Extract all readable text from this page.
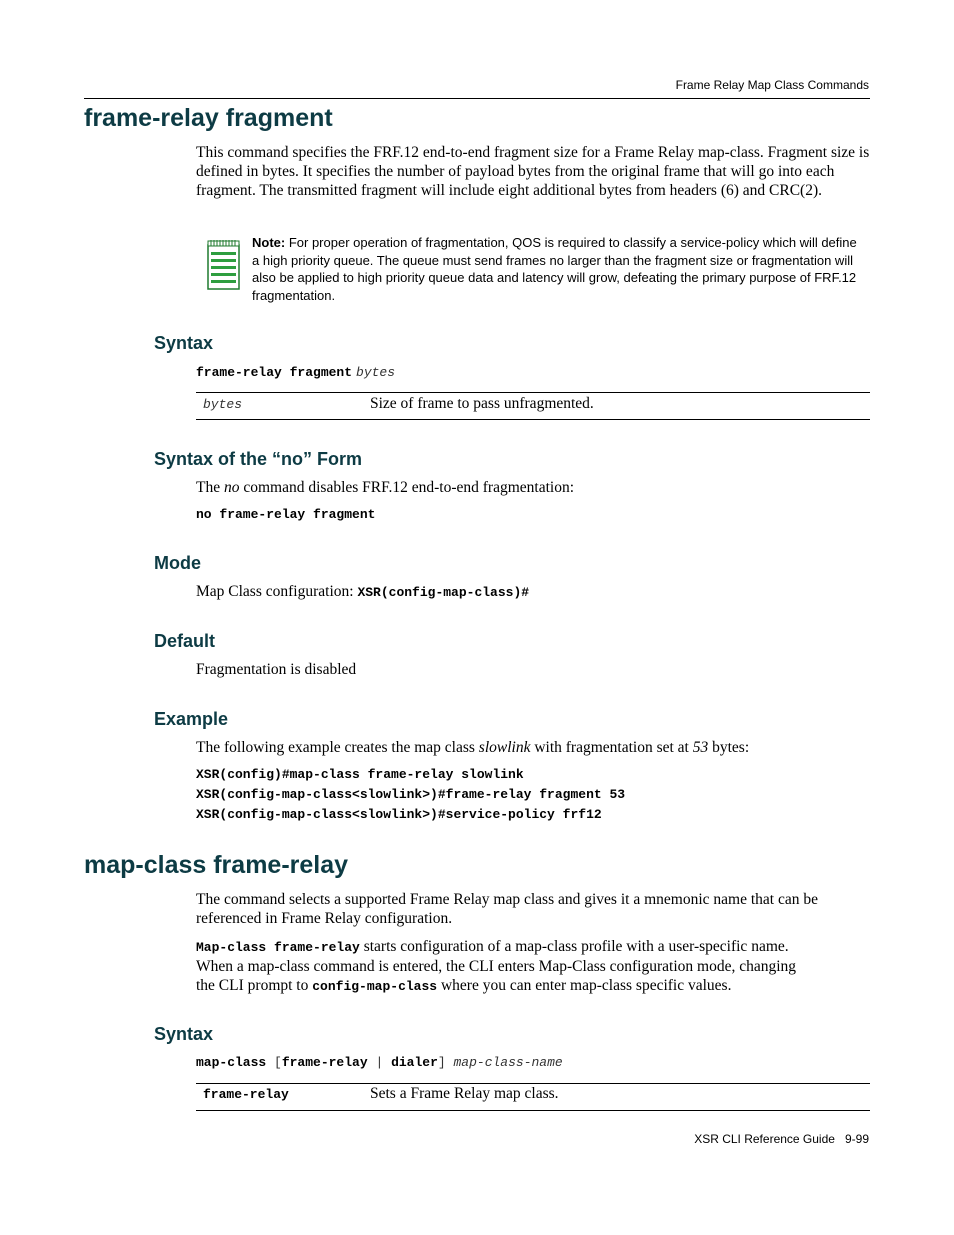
Frame Relay Map Class Commands
frame-relay fragment
This command specifies the FRF.12 end-to-end fragment size for a Frame Relay map-class. Fragment size is defined in bytes. It specifies the number of payload bytes from the original frame that will go into each fragment. The transmitted fragment will include eight additional bytes from headers (6) and CRC(2).
Note: For proper operation of fragmentation, QOS is required to classify a service-policy which will define a high priority queue. The queue must send frames no larger than the fragment size or fragmentation will also be applied to high priority queue data and latency will grow, defeating the primary purpose of FRF.12 fragmentation.
Syntax
frame-relay fragment bytes
bytes	Size of frame to pass unfragmented.
Syntax of the “no” Form
The no command disables FRF.12 end-to-end fragmentation:
no frame-relay fragment
Mode
Map Class configuration: XSR(config-map-class)#
Default
Fragmentation is disabled
Example
The following example creates the map class slowlink with fragmentation set at 53 bytes:
XSR(config)#map-class frame-relay slowlink
XSR(config-map-class<slowlink>)#frame-relay fragment 53
XSR(config-map-class<slowlink>)#service-policy frf12
map-class frame-relay
The command selects a supported Frame Relay map class and gives it a mnemonic name that can be referenced in Frame Relay configuration.
Map-class frame-relay starts configuration of a map-class profile with a user-specific name.
When a map-class command is entered, the CLI enters Map-Class configuration mode, changing
the CLI prompt to config-map-class where you can enter map-class specific values.
Syntax
map-class [frame-relay | dialer] map-class-name
frame-relay	Sets a Frame Relay map class.
XSR CLI Reference Guide 9-99
